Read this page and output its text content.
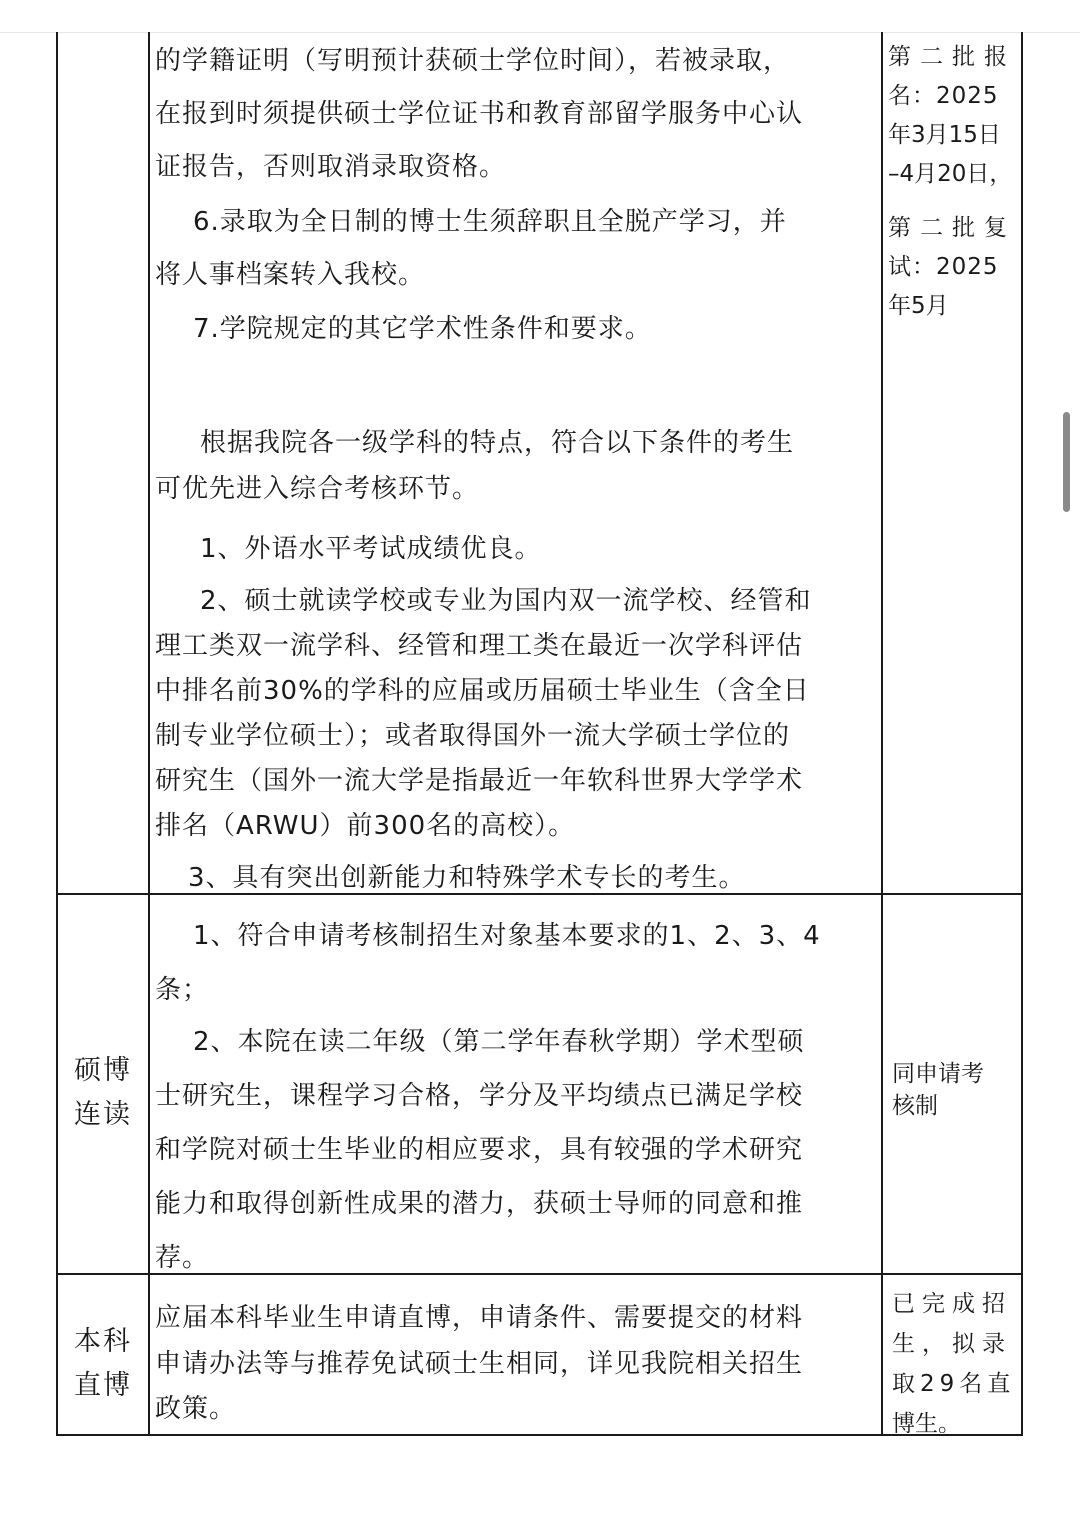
的学籍证明（写明预计获硕士学位时间），若被录取，

在报到时须提供硕士学位证书和教育部留学服务中心认

证报告，否则取消录取资格。

6.录取为全日制的博士生须辞职且全脱产学习，并

将人事档案转入我校。

7.学院规定的其它学术性条件和要求。

根据我院各一级学科的特点，符合以下条件的考生

可优先进入综合考核环节。

1、外语水平考试成绩优良。

2、硕士就读学校或专业为国内双一流学校、经管和

理工类双一流学科、经管和理工类在最近一次学科评估

中排名前30%的学科的应届或历届硕士毕业生（含全日

制专业学位硕士）；或者取得国外一流大学硕士学位的

研究生（国外一流大学是指最近一年软科世界大学学术

排名（ARWU）前300名的高校）。

3、具有突出创新能力和特殊学术专长的考生。

第二批报

名：2025

年3月15日

–4月20日，

第二批复

试：2025

年5月

硕博

连读

1、符合申请考核制招生对象基本要求的1、2、3、4

条；

2、本院在读二年级（第二学年春秋学期）学术型硕

士研究生，课程学习合格，学分及平均绩点已满足学校

和学院对硕士生毕业的相应要求，具有较强的学术研究

能力和取得创新性成果的潜力，获硕士导师的同意和推

荐。

同申请考

核制

本科

直博

应届本科毕业生申请直博，申请条件、需要提交的材料

申请办法等与推荐免试硕士生相同，详见我院相关招生

政策。

已完成招

生，拟录

取29名直

博生。
